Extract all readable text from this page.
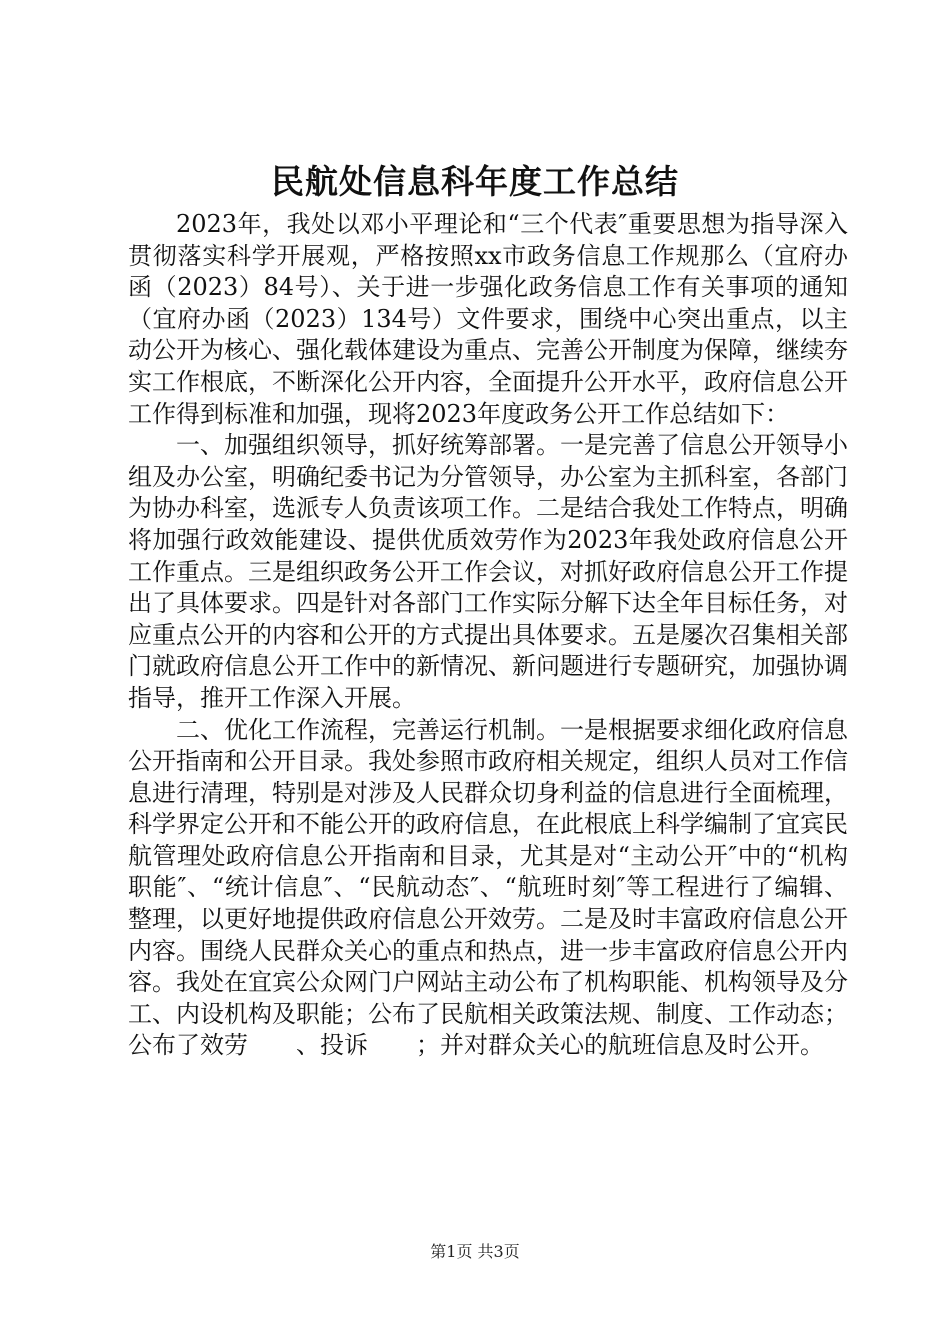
民航处信息科年度工作总结

2023年，我处以邓小平理论和“三个代表″重要思想为指导深入贯彻落实科学开展观，严格按照xx市政务信息工作规那么（宜府办函（2023）84号）、关于进一步强化政务信息工作有关事项的通知（宜府办函（2023）134号）文件要求，围绕中心突出重点，以主动公开为核心、强化载体建设为重点、完善公开制度为保障，继续夯实工作根底，不断深化公开内容，全面提升公开水平，政府信息公开工作得到标准和加强，现将2023年度政务公开工作总结如下：

一、加强组织领导，抓好统筹部署。一是完善了信息公开领导小组及办公室，明确纪委书记为分管领导，办公室为主抓科室，各部门为协办科室，选派专人负责该项工作。二是结合我处工作特点，明确将加强行政效能建设、提供优质效劳作为2023年我处政府信息公开工作重点。三是组织政务公开工作会议，对抓好政府信息公开工作提出了具体要求。四是针对各部门工作实际分解下达全年目标任务，对应重点公开的内容和公开的方式提出具体要求。五是屡次召集相关部门就政府信息公开工作中的新情况、新问题进行专题研究，加强协调指导，推开工作深入开展。

二、优化工作流程，完善运行机制。一是根据要求细化政府信息公开指南和公开目录。我处参照市政府相关规定，组织人员对工作信息进行清理，特别是对涉及人民群众切身利益的信息进行全面梳理，科学界定公开和不能公开的政府信息，在此根底上科学编制了宜宾民航管理处政府信息公开指南和目录，尤其是对“主动公开″中的“机构职能″、“统计信息″、“民航动态″、“航班时刻″等工程进行了编辑、整理，以更好地提供政府信息公开效劳。二是及时丰富政府信息公开内容。围绕人民群众关心的重点和热点，进一步丰富政府信息公开内容。我处在宜宾公众网门户网站主动公布了机构职能、机构领导及分工、内设机构及职能；公布了民航相关政策法规、制度、工作动态；公布了效劳　　、投诉　　；并对群众关心的航班信息及时公开。

第1页 共3页
